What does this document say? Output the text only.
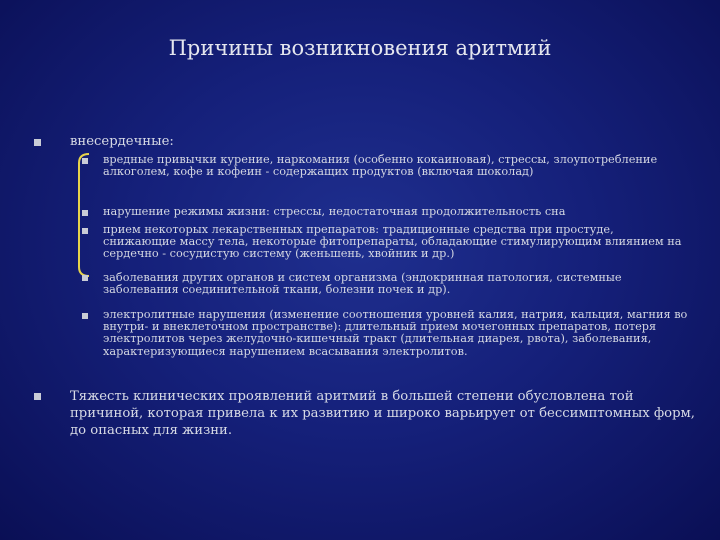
Причины возникновения аритмий
внесердечные:
вредные привычки курение, наркомания (особенно кокаиновая), стрессы, злоупотребление алкоголем, кофе и кофеин - содержащих продуктов (включая шоколад)
нарушение режимы жизни: стрессы, недостаточная продолжительность сна
прием некоторых лекарственных препаратов: традиционные средства при простуде, снижающие массу тела, некоторые фитопрепараты, обладающие стимулирующим влиянием на сердечно - сосудистую систему (женьшень, хвойник и др.)
заболевания других органов и систем организма (эндокринная патология, системные заболевания соединительной ткани, болезни почек и др).
электролитные нарушения (изменение соотношения уровней калия, натрия, кальция, магния во внутри- и внеклеточном пространстве): длительный прием мочегонных препаратов, потеря электролитов через желудочно-кишечный тракт (длительная диарея, рвота), заболевания, характеризующиеся нарушением всасывания электролитов.
Тяжесть клинических проявлений аритмий в большей степени обусловлена той причиной, которая привела к их развитию и широко варьирует от бессимптомных форм, до опасных для жизни.
